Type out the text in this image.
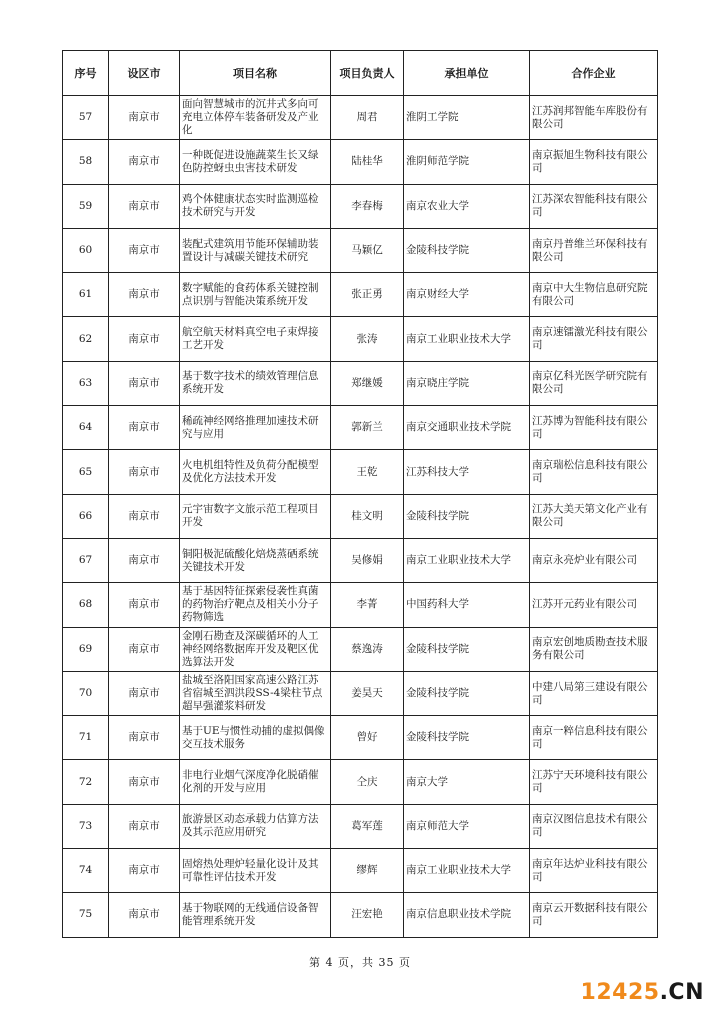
序号	设区市	项目名称	项目负责人	承担单位	合作企业
57	南京市	面向智慧城市的沉井式多向可充电立体停车装备研发及产业化	周君	淮阴工学院	江苏润邦智能车库股份有限公司
58	南京市	一种既促进设施蔬菜生长又绿色防控蚜虫虫害技术研发	陆桂华	淮阴师范学院	南京振旭生物科技有限公司
59	南京市	鸡个体健康状态实时监测巡检技术研究与开发	李春梅	南京农业大学	江苏深农智能科技有限公司
60	南京市	装配式建筑用节能环保辅助装置设计与减碳关键技术研究	马颖亿	金陵科技学院	南京丹普维兰环保科技有限公司
61	南京市	数字赋能的食药体系关键控制点识别与智能决策系统开发	张正勇	南京财经大学	南京中大生物信息研究院有限公司
62	南京市	航空航天材料真空电子束焊接工艺开发	张涛	南京工业职业技术大学	南京速镭激光科技有限公司
63	南京市	基于数字技术的绩效管理信息系统开发	郑继媛	南京晓庄学院	南京亿科光医学研究院有限公司
64	南京市	稀疏神经网络推理加速技术研究与应用	郭新兰	南京交通职业技术学院	江苏博为智能科技有限公司
65	南京市	火电机组特性及负荷分配模型及优化方法技术开发	王乾	江苏科技大学	南京瑞松信息科技有限公司
66	南京市	元宇宙数字文旅示范工程项目开发	桂文明	金陵科技学院	江苏大美天第文化产业有限公司
67	南京市	铜阳极泥硫酸化焙烧蒸硒系统关键技术开发	吴修娟	南京工业职业技术大学	南京永亮炉业有限公司
68	南京市	基于基因特征探索侵袭性真菌的药物治疗靶点及相关小分子药物筛选	李菁	中国药科大学	江苏开元药业有限公司
69	南京市	金刚石勘查及深碳循环的人工神经网络数据库开发及靶区优选算法开发	蔡逸涛	金陵科技学院	南京宏创地质勘查技术服务有限公司
70	南京市	盐城至洛阳国家高速公路江苏省宿城至泗洪段SS-4梁柱节点超早强灌浆料研发	姜昊天	金陵科技学院	中建八局第三建设有限公司
71	南京市	基于UE与惯性动捕的虚拟偶像交互技术服务	曾好	金陵科技学院	南京一粹信息科技有限公司
72	南京市	非电行业烟气深度净化脱硝催化剂的开发与应用	仝庆	南京大学	江苏宁天环境科技有限公司
73	南京市	旅游景区动态承载力估算方法及其示范应用研究	葛军莲	南京师范大学	南京汉图信息技术有限公司
74	南京市	固熔热处理炉轻量化设计及其可靠性评估技术开发	缪辉	南京工业职业技术大学	南京年达炉业科技有限公司
75	南京市	基于物联网的无线通信设备智能管理系统开发	汪宏艳	南京信息职业技术学院	南京云开数据科技有限公司
第 4 页，共 35 页
12425.CN
